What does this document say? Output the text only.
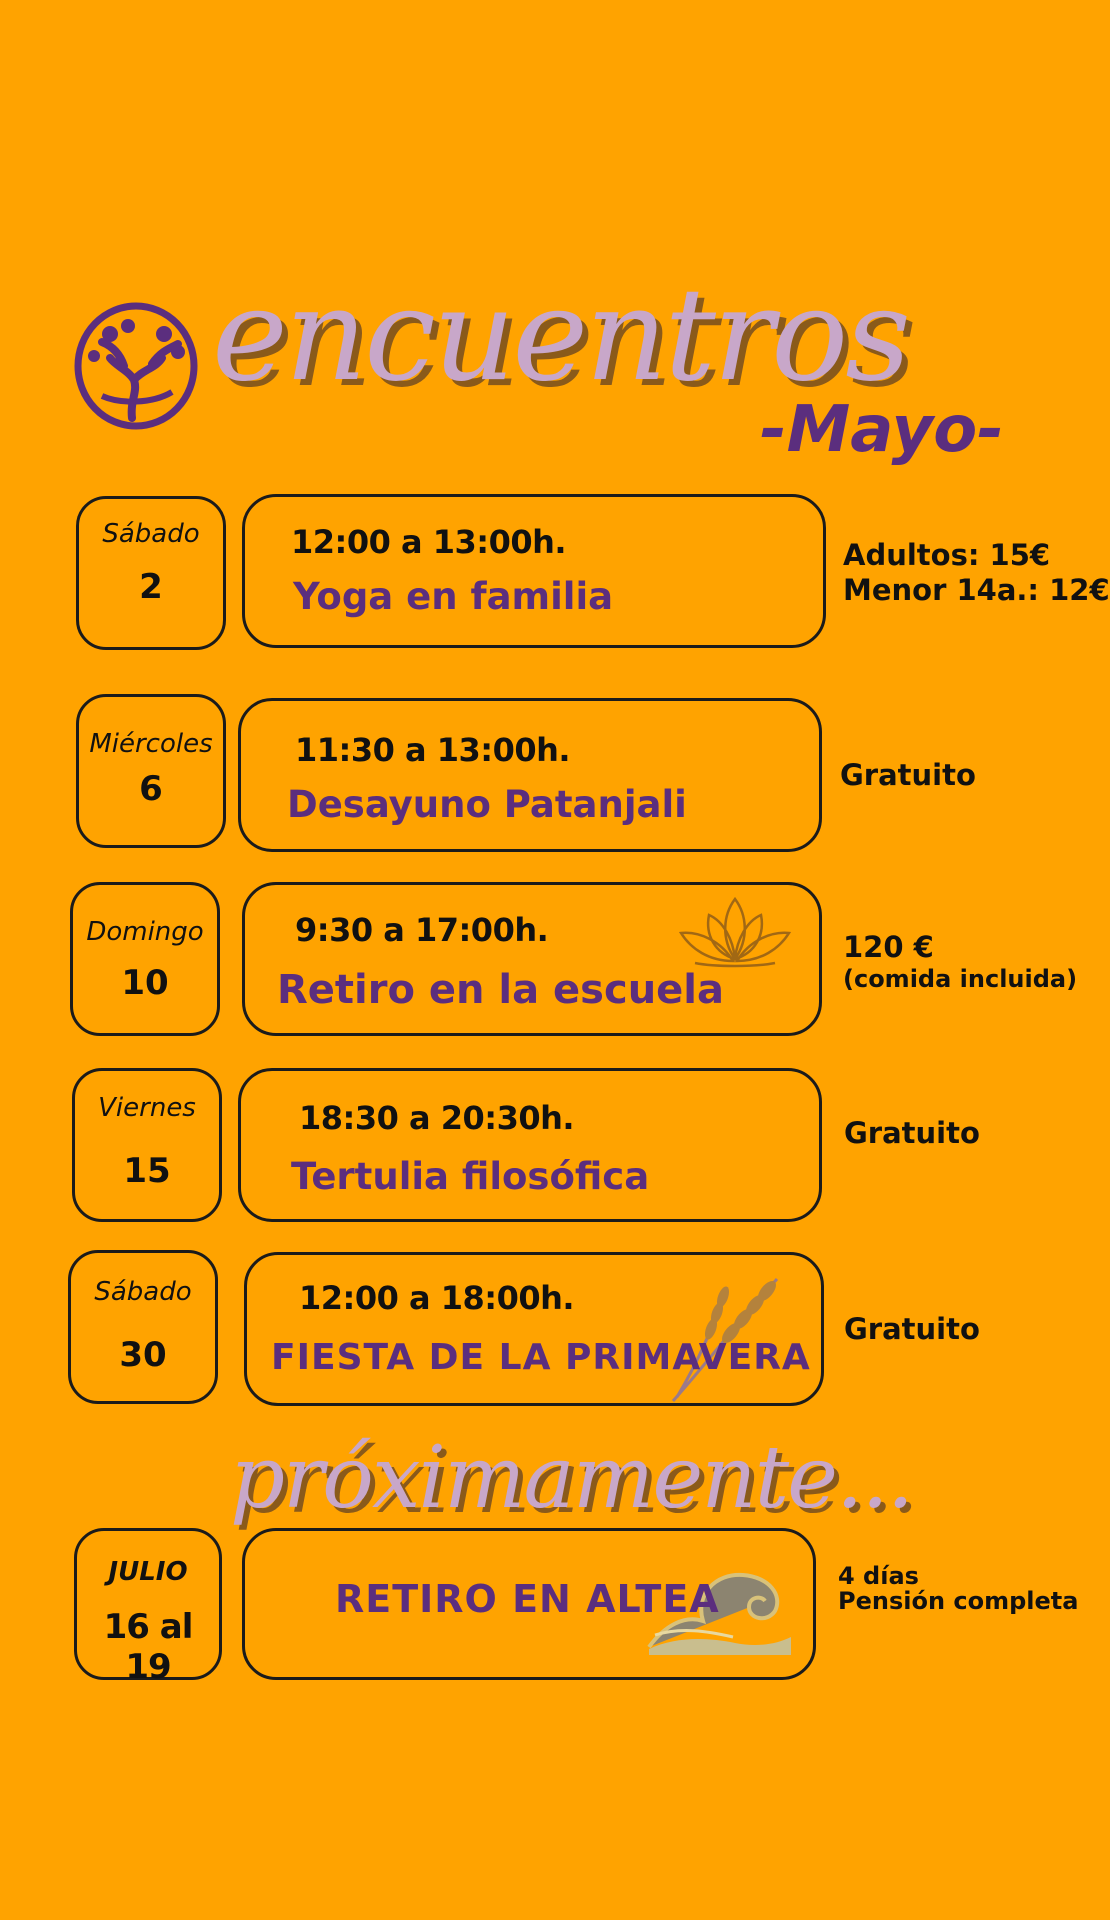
encuentros
-Mayo-
Sábado
2
12:00 a 13:00h.
Yoga en familia
Adultos: 15€
Menor 14a.: 12€
Miércoles
6
11:30 a 13:00h.
Desayuno Patanjali
Gratuito
Domingo
10
9:30 a 17:00h.
Retiro en la escuela
120 €
(comida incluida)
Viernes
15
18:30 a 20:30h.
Tertulia filosófica
Gratuito
Sábado
30
12:00 a 18:00h.
FIESTA DE LA PRIMAVERA
Gratuito
próximamente...
JULIO
16 al 19
RETIRO EN ALTEA
4 días
Pensión completa
